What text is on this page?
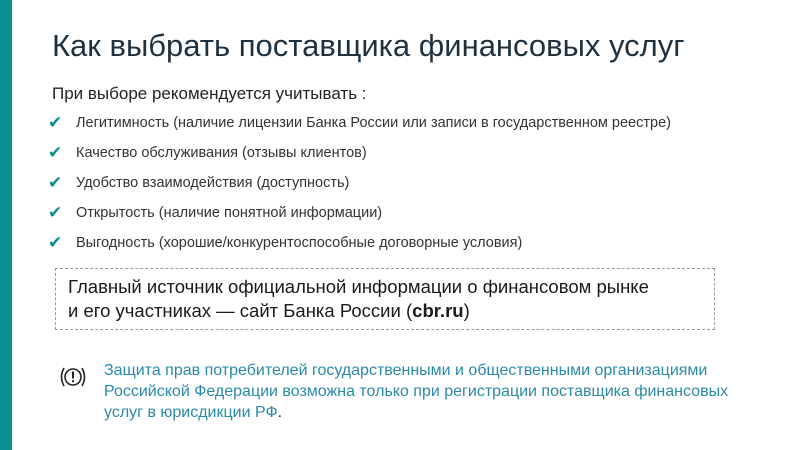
Как выбрать поставщика финансовых услуг
При выборе рекомендуется учитывать :
✔ Легитимность (наличие лицензии Банка России или записи в государственном реестре)
✔ Качество обслуживания (отзывы клиентов)
✔ Удобство взаимодействия (доступность)
✔ Открытость (наличие понятной информации)
✔ Выгодность (хорошие/конкурентоспособные договорные условия)
Главный источник официальной информации о финансовом рынке
и его участниках — сайт Банка России (cbr.ru)
Защита прав потребителей государственными и общественными организациями Российской Федерации возможна только при регистрации поставщика финансовых услуг в юрисдикции РФ.
